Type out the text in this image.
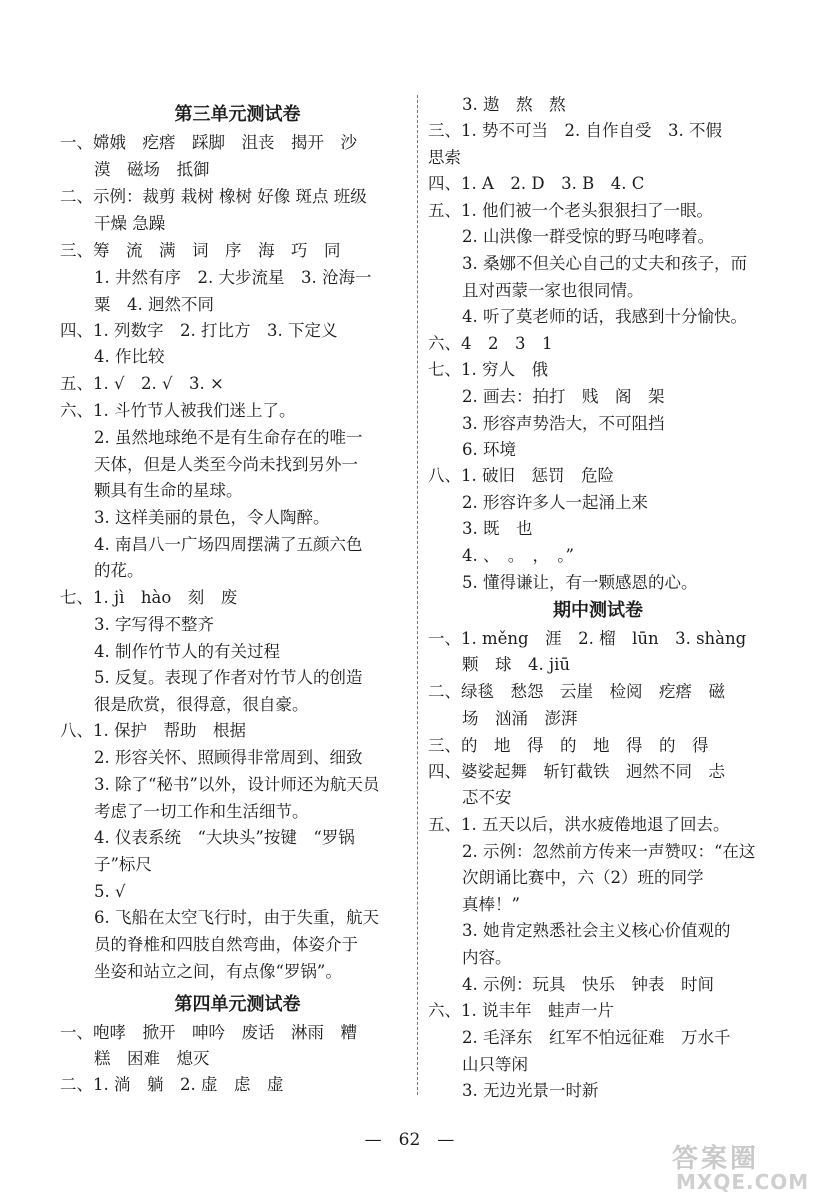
第三单元测试卷
一、嫦娥　疙瘩　踩脚　沮丧　揭开　沙
漠　磁场　抵御
二、示例：裁剪 栽树 橡树 好像 斑点 班级
干燥 急躁
三、筹　流　满　词　序　海　巧　同
1. 井然有序　2. 大步流星　3. 沧海一
粟　4. 迥然不同
四、1. 列数字　2. 打比方　3. 下定义
4. 作比较
五、1. √　2. √　3. ×
六、1. 斗竹节人被我们迷上了。
2. 虽然地球绝不是有生命存在的唯一
天体，但是人类至今尚未找到另外一
颗具有生命的星球。
3. 这样美丽的景色，令人陶醉。
4. 南昌八一广场四周摆满了五颜六色
的花。
七、1. jì　hào　刻　废
3. 字写得不整齐
4. 制作竹节人的有关过程
5. 反复。表现了作者对竹节人的创造
很是欣赏，很得意，很自豪。
八、1. 保护　帮助　根据
2. 形容关怀、照顾得非常周到、细致
3. 除了“秘书”以外，设计师还为航天员
考虑了一切工作和生活细节。
4. 仪表系统　“大块头”按键　“罗锅
子”标尺
5. √
6. 飞船在太空飞行时，由于失重，航天
员的脊椎和四肢自然弯曲，体姿介于
坐姿和站立之间，有点像“罗锅”。
第四单元测试卷
一、咆哮　掀开　呻吟　废话　淋雨　糟
糕　困难　熄灭
二、1. 淌　躺　2. 虚　虑　虚
3. 遨　熬　熬
三、1. 势不可当　2. 自作自受　3. 不假
思索
四、1. A　2. D　3. B　4. C
五、1. 他们被一个老头狠狠扫了一眼。
2. 山洪像一群受惊的野马咆哮着。
3. 桑娜不但关心自己的丈夫和孩子，而
且对西蒙一家也很同情。
4. 听了莫老师的话，我感到十分愉快。
六、4　2　3　1
七、1. 穷人　俄
2. 画去：拍打　贱　阁　架
3. 形容声势浩大，不可阻挡
6. 环境
八、1. 破旧　惩罚　危险
2. 形容许多人一起涌上来
3. 既　也
4. 、　。　，　。”
5. 懂得谦让，有一颗感恩的心。
期中测试卷
一、1. měng　涯　2. 榴　lūn　3. shàng
颗　球　4. jiū
二、绿毯　愁怨　云崖　检阅　疙瘩　磁
场　汹涌　澎湃
三、的　地　得　的　地　得　的　得
四、婆娑起舞　斩钉截铁　迥然不同　忐
忑不安
五、1. 五天以后，洪水疲倦地退了回去。
2. 示例：忽然前方传来一声赞叹：“在这
次朗诵比赛中，六（2）班的同学
真棒！”
3. 她肯定熟悉社会主义核心价值观的
内容。
4. 示例：玩具　快乐　钟表　时间
六、1. 说丰年　蛙声一片
2. 毛泽东　红军不怕远征难　万水千
山只等闲
3. 无边光景一时新
—　62　—
答案圈
MXQE.COM
